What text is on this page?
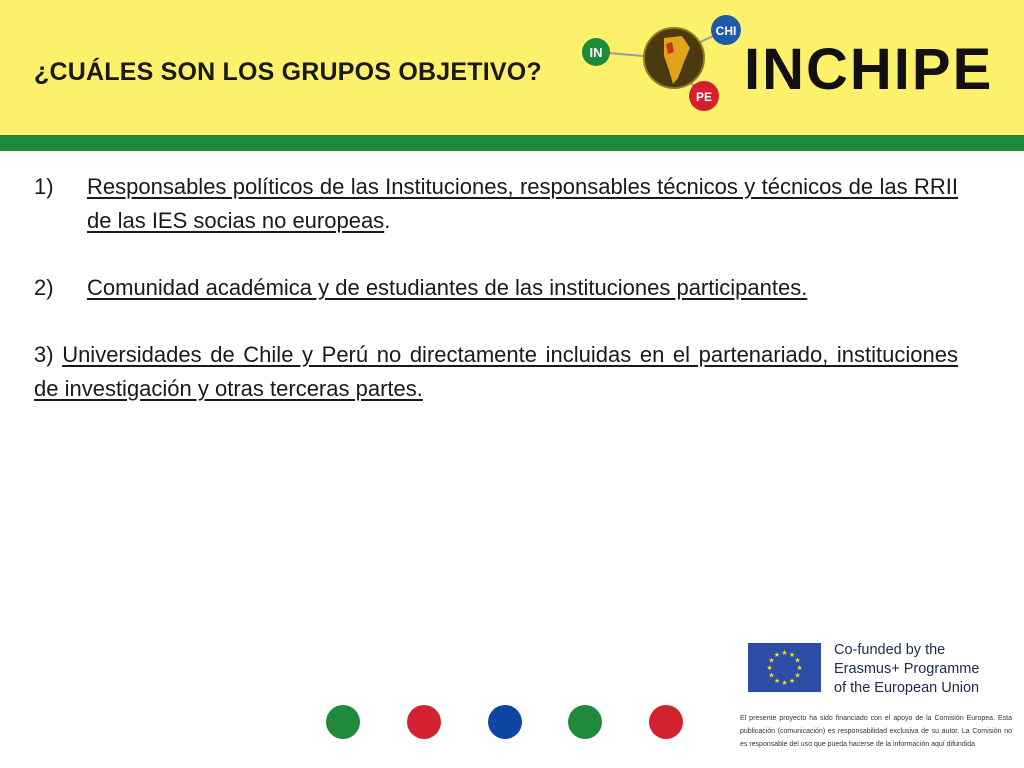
¿CUÁLES SON LOS GRUPOS OBJETIVO?
IN
CHI
PE INCHIPE
1)	Responsables políticos de las Instituciones, responsables técnicos y técnicos de las RRII de las IES socias no europeas.
2)	Comunidad académica y de estudiantes de las instituciones participantes.
3) Universidades de Chile y Perú no directamente incluidas en el partenariado, instituciones de investigación y otras terceras partes.
★
★
★
★
★
★
★
★
★ ★ ★
★
Co-funded by the
Erasmus+ Programme
of the European Union
El presente proyecto ha sido financiado con el apoyo de la Comisión Europea. Esta publicación (comunicación) es responsabilidad exclusiva de su autor. La Comisión no es responsable del uso que pueda hacerse de la información aquí difundida
